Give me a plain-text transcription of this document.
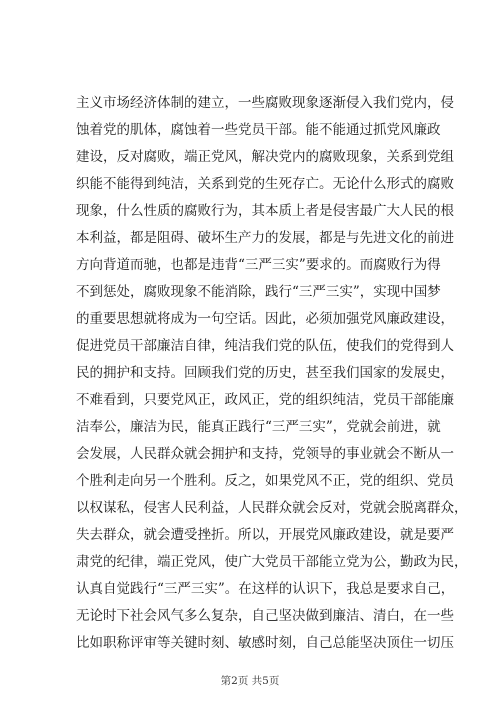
主义市场经济体制的建立，一些腐败现象逐渐侵入我们党内，侵
蚀着党的肌体，腐蚀着一些党员干部。能不能通过抓党风廉政
建设，反对腐败，端正党风，解决党内的腐败现象，关系到党组
织能不能得到纯洁，关系到党的生死存亡。无论什么形式的腐败
现象，什么性质的腐败行为，其本质上者是侵害最广大人民的根
本利益，都是阻碍、破坏生产力的发展，都是与先进文化的前进
方向背道而驰，也都是违背“三严三实”要求的。而腐败行为得
不到惩处，腐败现象不能消除，践行“三严三实”，实现中国梦
的重要思想就将成为一句空话。因此，必须加强党风廉政建设，
促进党员干部廉洁自律，纯洁我们党的队伍，使我们的党得到人
民的拥护和支持。回顾我们党的历史，甚至我们国家的发展史，
不难看到，只要党风正，政风正，党的组织纯洁，党员干部能廉
洁奉公，廉洁为民，能真正践行“三严三实”，党就会前进，就
会发展，人民群众就会拥护和支持，党领导的事业就会不断从一
个胜利走向另一个胜利。反之，如果党风不正，党的组织、党员
以权谋私，侵害人民利益，人民群众就会反对，党就会脱离群众，
失去群众，就会遭受挫折。所以，开展党风廉政建设，就是要严
肃党的纪律，端正党风，使广大党员干部能立党为公，勤政为民，
认真自觉践行“三严三实”。在这样的认识下，我总是要求自己，
无论时下社会风气多么复杂，自己坚决做到廉洁、清白，在一些
比如职称评审等关键时刻、敏感时刻，自己总能坚决顶住一切压
第2页 共5页
